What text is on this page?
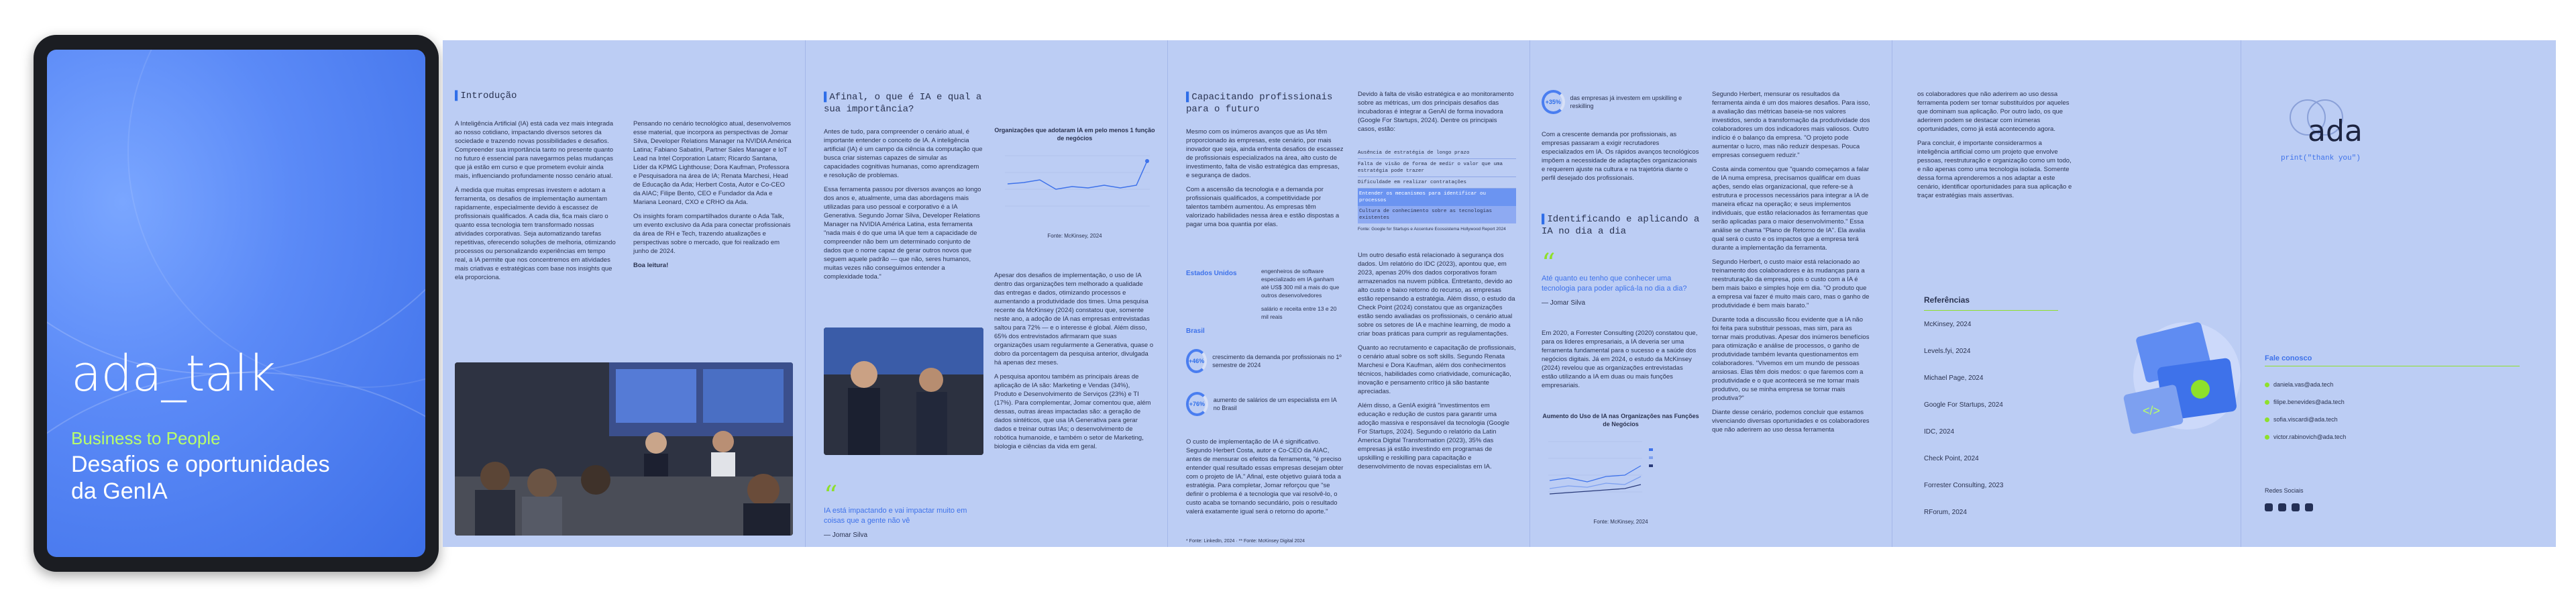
ada_talk
Business to People
Desafios e oportunidades da GenIA
▌Introdução

A Inteligência Artificial (IA) está cada vez mais integrada ao nosso cotidiano, impactando diversos setores da sociedade e trazendo novas possibilidades e desafios. Compreender sua importância tanto no presente quanto no futuro é essencial para navegarmos pelas mudanças que já estão em curso e que prometem evoluir ainda mais, influenciando profundamente nosso cenário atual.

À medida que muitas empresas investem e adotam a ferramenta, os desafios de implementação aumentam rapidamente, especialmente devido à escassez de profissionais qualificados. A cada dia, fica mais claro o quanto essa tecnologia tem transformado nossas atividades corporativas. Seja automatizando tarefas repetitivas, oferecendo soluções de melhoria, otimizando processos ou personalizando experiências em tempo real, a IA permite que nos concentremos em atividades mais criativas e estratégicas com base nos insights que ela proporciona.

Pensando no cenário tecnológico atual, desenvolvemos esse material, que incorpora as perspectivas de Jomar Silva, Developer Relations Manager na NVIDIA América Latina; Fabiano Sabatini, Partner Sales Manager e IoT Lead na Intel Corporation Latam; Ricardo Santana, Líder da KPMG Lighthouse; Dora Kaufman, Professora e Pesquisadora na área de IA; Renata Marchesi, Head de Educação da Ada; Herbert Costa, Autor e Co-CEO da AIAC; Filipe Bento, CEO e Fundador da Ada e Mariana Leonard, CXO e CRHO da Ada.

Os insights foram compartilhados durante o Ada Talk, um evento exclusivo da Ada para conectar profissionais da área de RH e Tech, trazendo atualizações e perspectivas sobre o mercado, que foi realizado em junho de 2024.

Boa leitura!

▌Afinal, o que é IA e qual a sua importância?

Antes de tudo, para compreender o cenário atual, é importante entender o conceito de IA. A inteligência artificial (IA) é um campo da ciência da computação que busca criar sistemas capazes de simular as capacidades cognitivas humanas, como aprendizagem e resolução de problemas.

Essa ferramenta passou por diversos avanços ao longo dos anos e, atualmente, uma das abordagens mais utilizadas para uso pessoal e corporativo é a IA Generativa. Segundo Jomar Silva, Developer Relations Manager na NVIDIA América Latina, esta ferramenta "nada mais é do que uma IA que tem a capacidade de compreender não bem um determinado conjunto de dados que o nome capaz de gerar outros novos que seguem aquele padrão — que não, seres humanos, muitas vezes não conseguimos entender a complexidade toda."

Organizações que adotaram IA em pelo menos 1 função de negócios
Fonte: McKinsey, 2024

Apesar dos desafios de implementação, o uso de IA dentro das organizações tem melhorado a qualidade das entregas e dados, otimizando processos e aumentando a produtividade dos times. Uma pesquisa recente da McKinsey (2024) constatou que, somente neste ano, a adoção de IA nas empresas entrevistadas saltou para 72% — e o interesse é global. Além disso, 65% dos entrevistados afirmaram que suas organizações usam regularmente a Generativa, quase o dobro da porcentagem da pesquisa anterior, divulgada há apenas dez meses.

A pesquisa apontou também as principais áreas de aplicação de IA são: Marketing e Vendas (34%), Produto e Desenvolvimento de Serviços (23%) e TI (17%). Para complementar, Jomar comentou que, além dessas, outras áreas impactadas são: a geração de dados sintéticos, que usa IA Generativa para gerar dados e treinar outras IAs; o desenvolvimento de robótica humanoide, e também o setor de Marketing, biologia e ciências da vida em geral.

“
IA está impactando e vai impactar muito em coisas que a gente não vê
— Jomar Silva
▌Capacitando profissionais para o futuro

Mesmo com os inúmeros avanços que as IAs têm proporcionado às empresas, este cenário, por mais inovador que seja, ainda enfrenta desafios de escassez de profissionais especializados na área, alto custo de investimento, falta de visão estratégica das empresas, e segurança de dados.

Com a ascensão da tecnologia e a demanda por profissionais qualificados, a competitividade por talentos também aumentou. As empresas têm valorizado habilidades nessa área e estão dispostas a pagar uma boa quantia por elas.

Estados Unidos	engenheiros de software especializado em IA ganham até US$ 300 mil a mais do que outros desenvolvedores

salário e receita entre 13 e 20 mil reais

Brasil
+46%
crescimento da demanda por profissionais no 1º semestre de 2024
+76%
aumento de salários de um especialista em IA no Brasil

O custo de implementação de IA é significativo. Segundo Herbert Costa, autor e Co-CEO da AIAC, antes de mensurar os efeitos da ferramenta, "é preciso entender qual resultado essas empresas desejam obter com o projeto de IA." Afinal, este objetivo guiará toda a estratégia. Para completar, Jomar reforçou que "se definir o problema é a tecnologia que vai resolvê-lo, o custo acaba se tornando secundário, pois o resultado valerá exatamente igual será o retorno do aporte."

* Fonte: LinkedIn, 2024 · ** Fonte: McKinsey Digital 2024

Devido à falta de visão estratégica e ao monitoramento sobre as métricas, um dos principais desafios das incubadoras é integrar a GenAI de forma inovadora (Google For Startups, 2024). Dentre os principais casos, estão:

Ausência de estratégia de longo prazo
Falta de visão de forma de medir o valor que uma estratégia pode trazer
Dificuldade em realizar contratações
Entender os mecanismos para identificar ou processos
Cultura de conhecimento sobre as tecnologias existentes
Fonte: Google for Startups e Accenture Ecossistema Hollywood Report 2024

Um outro desafio está relacionado à segurança dos dados. Um relatório do IDC (2023), apontou que, em 2023, apenas 20% dos dados corporativos foram armazenados na nuvem pública. Entretanto, devido ao alto custo e baixo retorno do recurso, as empresas estão repensando a estratégia. Além disso, o estudo da Check Point (2024) constatou que as organizações estão sendo avaliadas os profissionais, o cenário atual sobre os setores de IA e machine learning, de modo a criar boas práticas para cumprir as regulamentações.

Quanto ao recrutamento e capacitação de profissionais, o cenário atual sobre os soft skills. Segundo Renata Marchesi e Dora Kaufman, além dos conhecimentos técnicos, habilidades como criatividade, comunicação, inovação e pensamento crítico já são bastante apreciadas.

Além disso, a GenIA exigirá "investimentos em educação e redução de custos para garantir uma adoção massiva e responsável da tecnologia (Google For Startups, 2024). Segundo o relatório da Latin America Digital Transformation (2023), 35% das empresas já estão investindo em programas de upskilling e reskilling para capacitação e desenvolvimento de novas especialistas em IA.

+35%
das empresas já investem em upskilling e reskilling
Com a crescente demanda por profissionais, as empresas passaram a exigir recrutadores especializados em IA. Os rápidos avanços tecnológicos impõem a necessidade de adaptações organizacionais e requerem ajuste na cultura e na trajetória diante o perfil desejado dos profissionais.
▌Identificando e aplicando a IA no dia a dia
“
Até quanto eu tenho que conhecer uma tecnologia para poder aplicá-la no dia a dia?
— Jomar Silva

Em 2020, a Forrester Consulting (2020) constatou que, para os líderes empresariais, a IA deveria ser uma ferramenta fundamental para o sucesso e a saúde dos negócios digitais. Já em 2024, o estudo da McKinsey (2024) revelou que as organizações entrevistadas estão utilizando a IA em duas ou mais funções empresariais.

Aumento do Uso de IA nas Organizações nas Funções de Negócios
Fonte: McKinsey, 2024

Segundo Herbert, mensurar os resultados da ferramenta ainda é um dos maiores desafios. Para isso, a avaliação das métricas baseia-se nos valores investidos, sendo a transformação da produtividade dos colaboradores um dos indicadores mais valiosos. Outro indício é o balanço da empresa. "O projeto pode aumentar o lucro, mas não reduzir despesas. Pouca empresas conseguem reduzir."

Costa ainda comentou que "quando começamos a falar de IA numa empresa, precisamos qualificar em duas ações, sendo elas organizacional, que refere-se à estrutura e processos necessários para integrar a IA de maneira eficaz na operação; e seus implementos individuais, que estão relacionados às ferramentas que serão aplicadas para o maior desenvolvimento." Essa análise se chama "Plano de Retorno de IA". Ela avalia qual será o custo e os impactos que a empresa terá durante a implementação da ferramenta.

Segundo Herbert, o custo maior está relacionado ao treinamento dos colaboradores e às mudanças para a reestruturação da empresa, pois o custo com a IA é bem mais baixo e simples hoje em dia. "O produto que a empresa vai fazer é muito mais caro, mas o ganho de produtividade é bem mais barato."

Durante toda a discussão ficou evidente que a IA não foi feita para substituir pessoas, mas sim, para as tornar mais produtivas. Apesar dos inúmeros benefícios para otimização e análise de processos, o ganho de produtividade também levanta questionamentos em colaboradores. "Vivemos em um mundo de pessoas ansiosas. Elas têm dois medos: o que faremos com a produtividade e o que acontecerá se me tornar mais produtivo, ou se minha empresa se tornar mais produtiva?"

Diante desse cenário, podemos concluir que estamos vivenciando diversas oportunidades e os colaboradores que não aderirem ao uso dessa ferramenta

os colaboradores que não aderirem ao uso dessa ferramenta podem ser tornar substituídos por aqueles que dominam sua aplicação. Por outro lado, os que aderirem podem se destacar com inúmeras oportunidades, como já está acontecendo agora.

Para concluir, é importante considerarmos a inteligência artificial como um projeto que envolve pessoas, reestruturação e organização como um todo, e não apenas como uma tecnologia isolada. Somente dessa forma aprenderemos a nos adaptar a este cenário, identificar oportunidades para sua aplicação e traçar estratégias mais assertivas.

Referências
McKinsey, 2024
Levels.fyi, 2024
Michael Page, 2024
Google For Startups, 2024
IDC, 2024
Check Point, 2024
Forrester Consulting, 2023
RForum, 2024
</>
ada
print("thank you")
Fale conosco
daniela.vas@ada.tech
filipe.benevides@ada.tech
sofia.viscardi@ada.tech
victor.rabinovich@ada.tech
Redes Sociais
